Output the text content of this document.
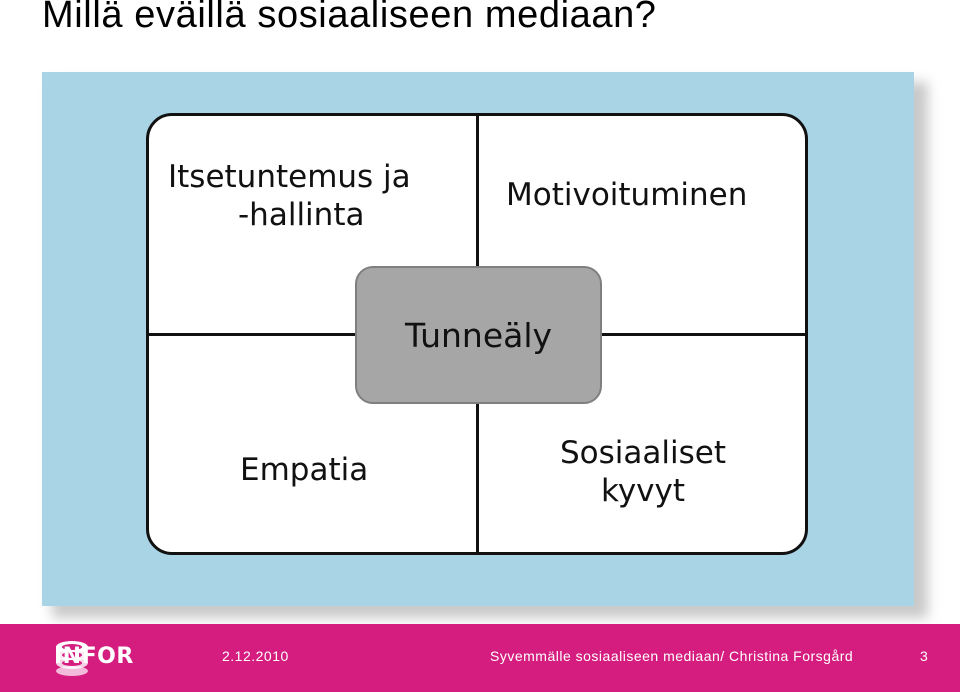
Millä eväillä sosiaaliseen mediaan?
Itsetuntemus ja
-hallinta
Motivoituminen
Empatia	Sosiaaliset
kyvyt
Tunneäly
INFOR	2.12.2010	Syvemmälle sosiaaliseen mediaan/ Christina Forsgård	3
